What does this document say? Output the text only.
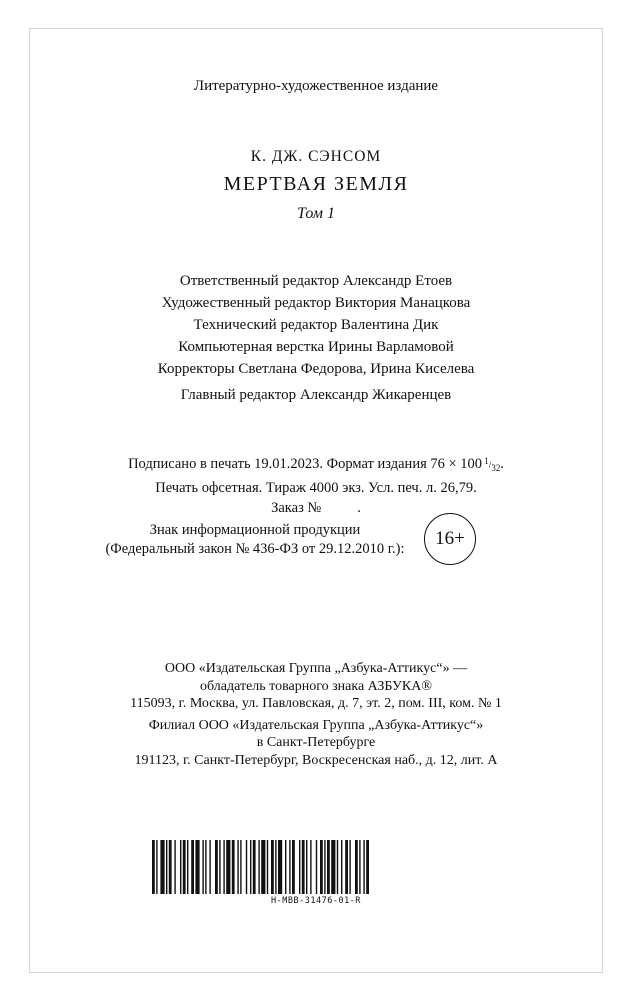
Литературно-художественное издание
К. ДЖ. СЭНСОМ
МЕРТВАЯ ЗЕМЛЯ
Том 1
Ответственный редактор Александр Етоев
Художественный редактор Виктория Манацкова
Технический редактор Валентина Дик
Компьютерная верстка Ирины Варламовой
Корректоры Светлана Федорова, Ирина Киселева
Главный редактор Александр Жикаренцев
Подписано в печать 19.01.2023. Формат издания 76 × 100 $^1/_{32}$.
Печать офсетная. Тираж 4000 экз. Усл. печ. л. 26,79.
Заказ № .
Знак информационной продукции
(Федеральный закон № 436-ФЗ от 29.12.2010 г.): 16+
ООО «Издательская Группа „Азбука-Аттикус“» —
обладатель товарного знака АЗБУКА®
115093, г. Москва, ул. Павловская, д. 7, эт. 2, пом. III, ком. № 1
Филиал ООО «Издательская Группа „Азбука-Аттикус“»
в Санкт-Петербурге
191123, г. Санкт-Петербург, Воскресенская наб., д. 12, лит. А
H-MBB-31476-01-R
